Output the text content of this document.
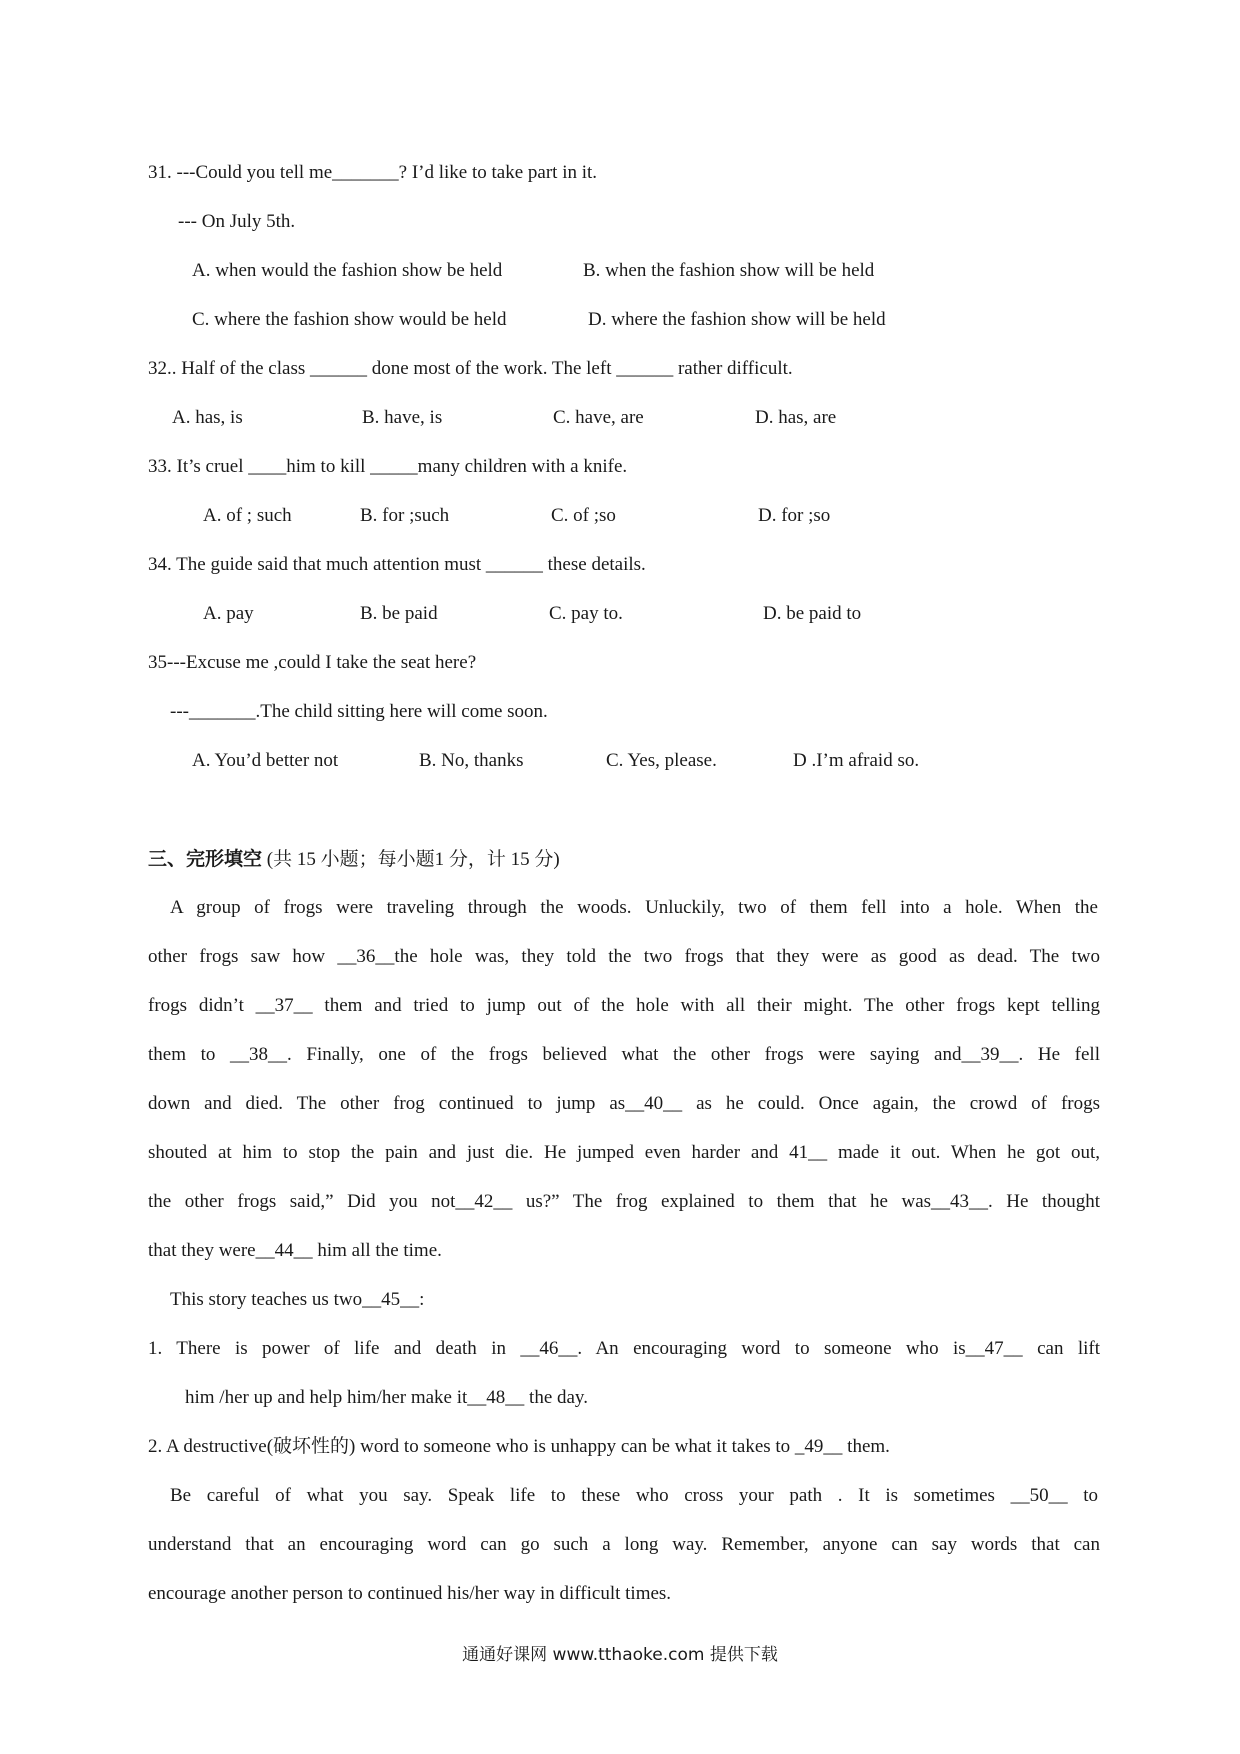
31. ---Could you tell me_______? I’d like to take part in it.
--- On July 5th.
A. when would the fashion show be held	B. when the fashion show will be held
C. where the fashion show would be held	D. where the fashion show will be held
32.. Half of the class ______ done most of the work. The left ______ rather difficult.
A. has, is	B. have, is	C. have, are	D. has, are
33. It’s cruel ____him to kill _____many children with a knife.
A. of ; such	B. for ;such	C. of ;so	D. for ;so
34. The guide said that much attention must ______ these details.
A. pay	B. be paid	C. pay to.	D. be paid to
35---Excuse me ,could I take the seat here?
---_______.The child sitting here will come soon.
A. You’d better not	B. No, thanks	C. Yes, please.	D .I’m afraid so.
三、完形填空 (共 15 小题；每小题1 分，计 15 分)
A group of frogs were traveling through the woods. Unluckily, two of them fell into a hole. When the
other frogs saw how __36__the hole was, they told the two frogs that they were as good as dead. The two
frogs didn’t __37__ them and tried to jump out of the hole with all their might. The other frogs kept telling
them to __38__. Finally, one of the frogs believed what the other frogs were saying and__39__. He fell
down and died. The other frog continued to jump as__40__ as he could. Once again, the crowd of frogs
shouted at him to stop the pain and just die. He jumped even harder and 41__ made it out. When he got out,
the other frogs said,” Did you not__42__ us?” The frog explained to them that he was__43__. He thought
that they were__44__ him all the time.
This story teaches us two__45__:
1. There is power of life and death in __46__. An encouraging word to someone who is__47__ can lift
him /her up and help him/her make it__48__ the day.
2. A destructive(破坏性的) word to someone who is unhappy can be what it takes to _49__ them.
Be careful of what you say. Speak life to these who cross your path . It is sometimes __50__ to
understand that an encouraging word can go such a long way. Remember, anyone can say words that can
encourage another person to continued his/her way in difficult times.
通通好课网 www.tthaoke.com 提供下载
